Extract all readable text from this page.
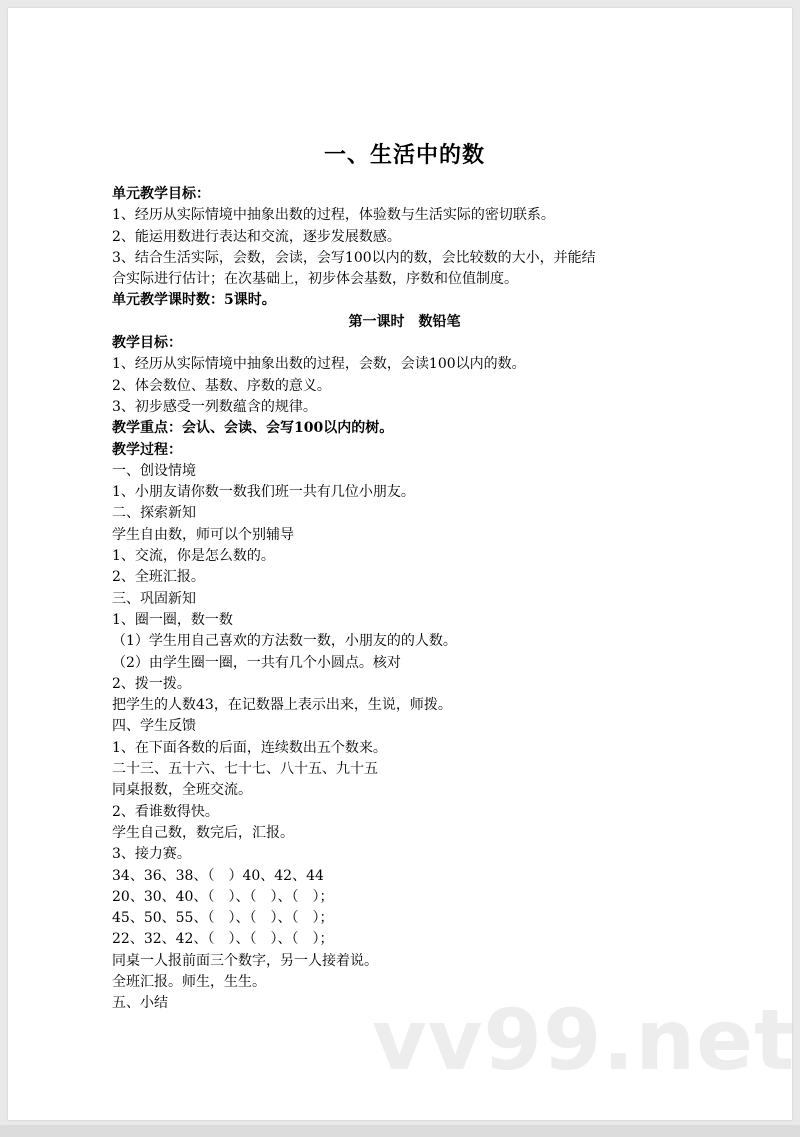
一、生活中的数
单元教学目标：
1、经历从实际情境中抽象出数的过程，体验数与生活实际的密切联系。
2、能运用数进行表达和交流，逐步发展数感。
3、结合生活实际，会数，会读，会写100以内的数，会比较数的大小，并能结
合实际进行估计；在次基础上，初步体会基数，序数和位值制度。
单元教学课时数：5课时。
第一课时　数铅笔
教学目标：
1、经历从实际情境中抽象出数的过程，会数，会读100以内的数。
2、体会数位、基数、序数的意义。
3、初步感受一列数蕴含的规律。
教学重点：会认、会读、会写100以内的树。
教学过程：
一、创设情境
1、小朋友请你数一数我们班一共有几位小朋友。
二、探索新知
学生自由数，师可以个别辅导
1、交流，你是怎么数的。
2、全班汇报。
三、巩固新知
1、圈一圈，数一数
（1）学生用自己喜欢的方法数一数，小朋友的的人数。
（2）由学生圈一圈，一共有几个小圆点。核对
2、拨一拨。
把学生的人数43，在记数器上表示出来，生说，师拨。
四、学生反馈
1、在下面各数的后面，连续数出五个数来。
二十三、五十六、七十七、八十五、九十五
同桌报数，全班交流。
2、看谁数得快。
学生自己数，数完后，汇报。
3、接力赛。
34、36、38、（　）40、42、44
20、30、40、（　）、（　）、（　）；
45、50、55、（　）、（　）、（　）；
22、32、42、（　）、（　）、（　）；
同桌一人报前面三个数字，另一人接着说。
全班汇报。师生，生生。
五、小结	vv99.net
